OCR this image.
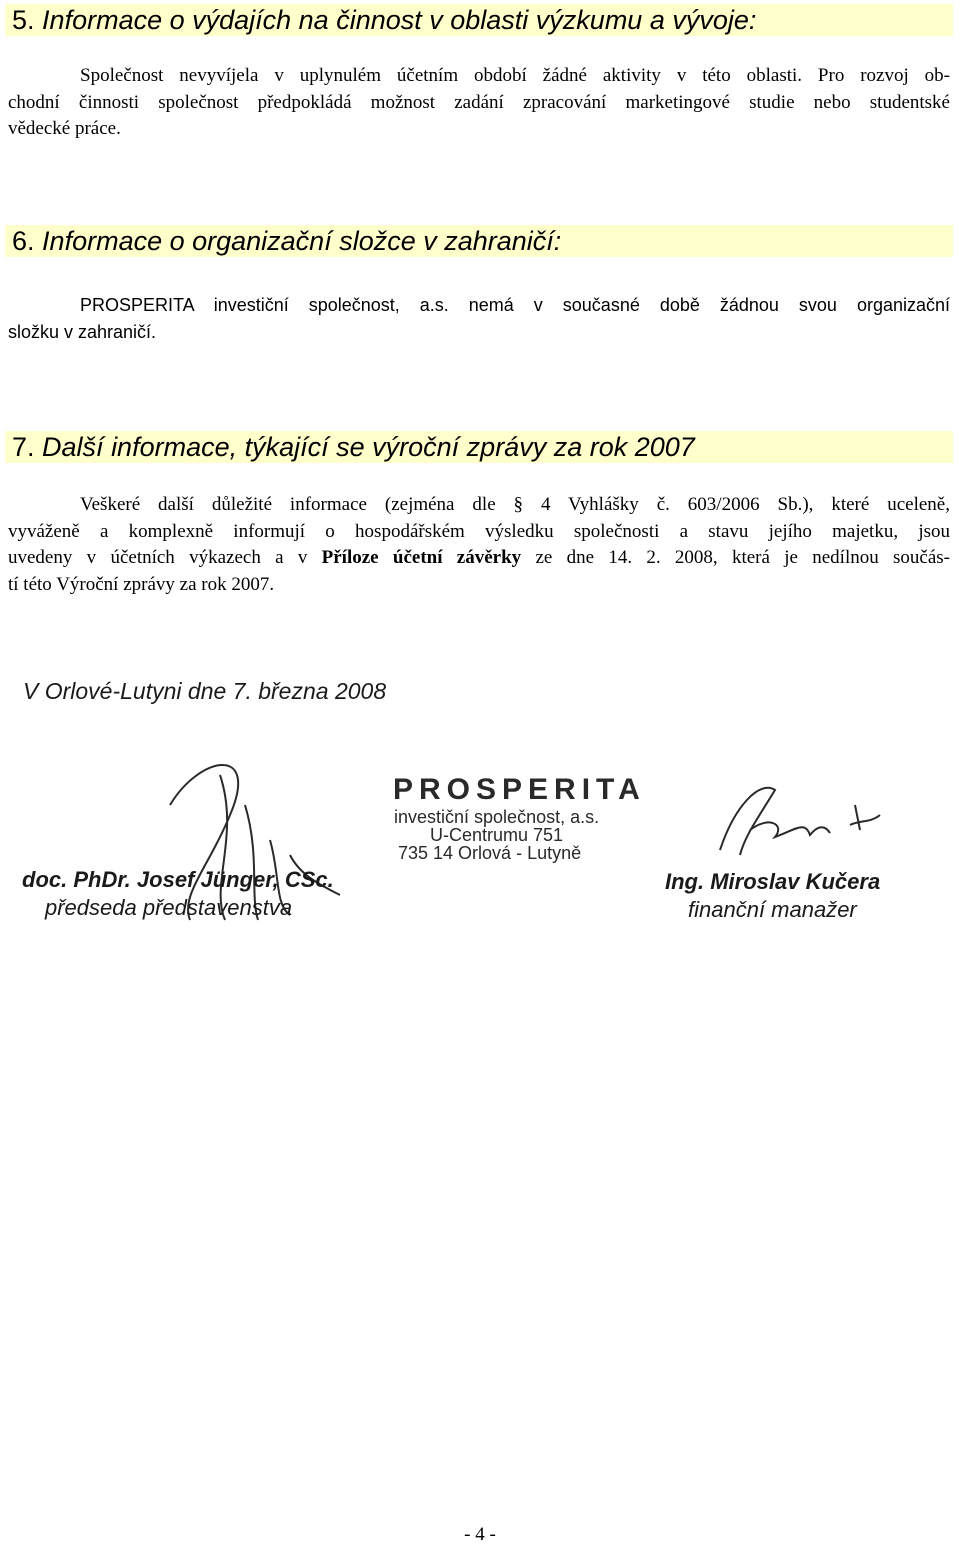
5. Informace o výdajích na činnost v oblasti výzkumu a vývoje:
Společnost nevyvíjela v uplynulém účetním období žádné aktivity v této oblasti. Pro rozvoj ob-
chodní činnosti společnost předpokládá možnost zadání zpracování marketingové studie nebo studentské
vědecké práce.
6. Informace o organizační složce v zahraničí:
PROSPERITA investiční společnost, a.s. nemá v současné době žádnou svou organizační
složku v zahraničí.
7. Další informace, týkající se výroční zprávy za rok 2007
Veškeré další důležité informace (zejména dle § 4 Vyhlášky č. 603/2006 Sb.), které uceleně,
vyváženě a komplexně informují o hospodářském výsledku společnosti a stavu jejího majetku, jsou
uvedeny v účetních výkazech a v Příloze účetní závěrky ze dne 14. 2. 2008, která je nedílnou součás-
tí této Výroční zprávy za rok 2007.
V Orlové-Lutyni dne 7. března 2008
doc. PhDr. Josef Jünger, CSc.
předseda představenstva
PROSPERITA
investiční společnost, a.s.
U-Centrumu 751
735 14 Orlová - Lutyně
Ing. Miroslav Kučera
finanční manažer
- 4 -
